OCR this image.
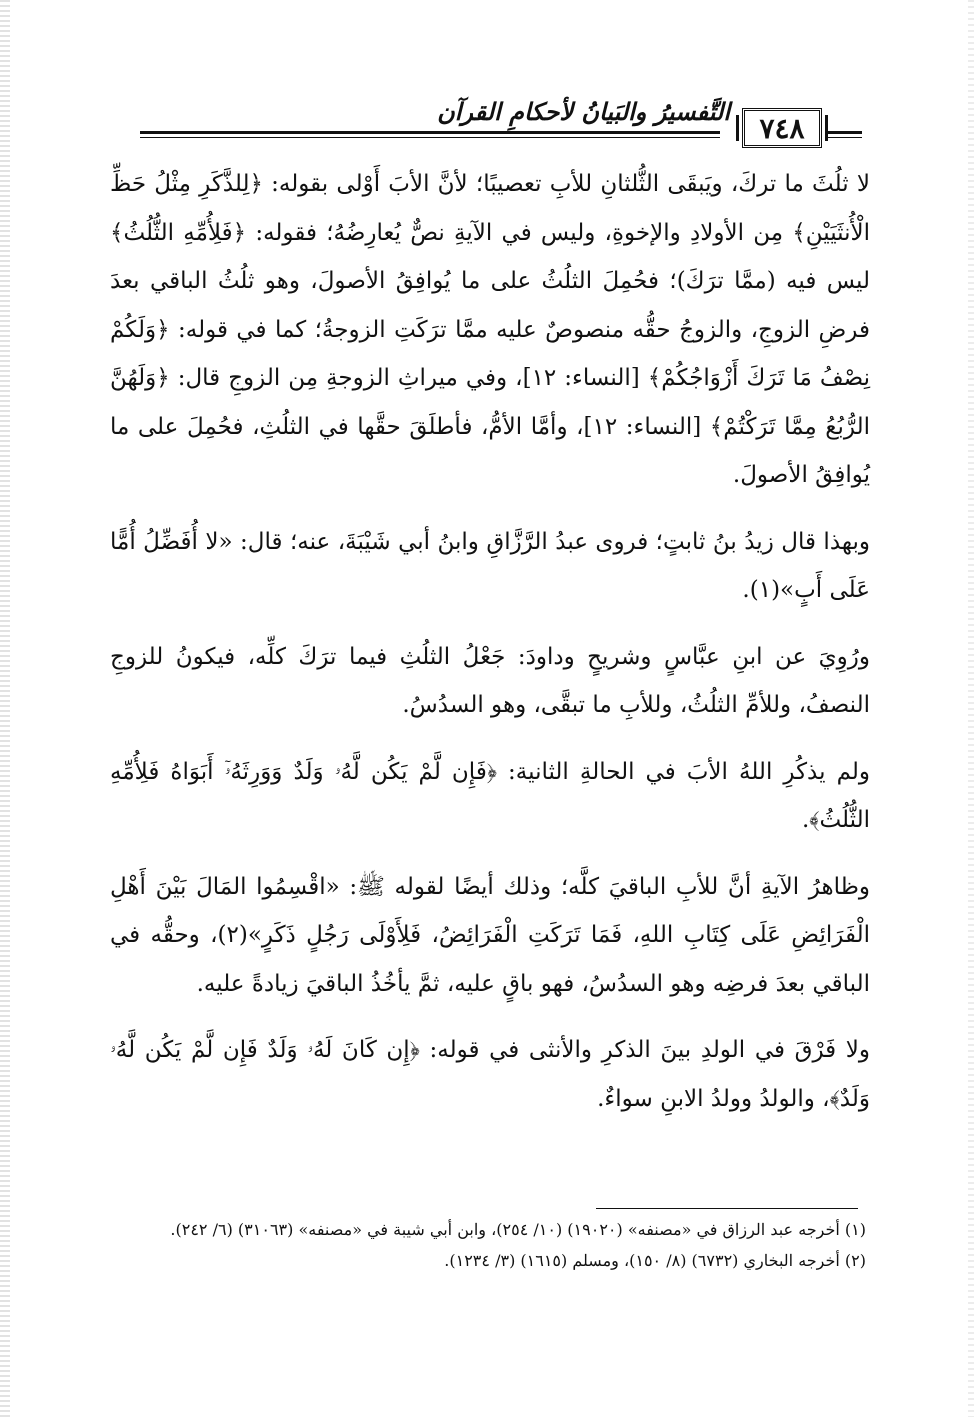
التَّفسيرُ والبَيانُ لأحكامِ القرآن	٧٤٨

لا ثلُثَ ما تركَ، ويَبقَى الثُّلثانِ للأبِ تعصيبًا؛ لأنَّ الأبَ أَوْلى بقوله: ﴿لِلذَّكَرِ مِثْلُ حَظِّ الْأُنثَيَيْنِ﴾ مِن الأولادِ والإخوةِ، وليس في الآيةِ نصٌّ يُعارِضُهُ؛ فقوله: ﴿فَلِأُمِّهِ الثُّلُثُ﴾ ليس فيه (ممَّا ترَكَ)؛ فحُمِلَ الثلُثُ على ما يُوافِقُ الأصولَ، وهو ثلُثُ الباقي بعدَ فرضِ الزوجِ، والزوجُ حقُّه منصوصٌ عليه ممَّا ترَكَتِ الزوجةُ؛ كما في قوله: ﴿وَلَكُمْ نِصْفُ مَا تَرَكَ أَزْوَاجُكُمْ﴾ [النساء: ١٢]، وفي ميراثِ الزوجةِ مِن الزوجِ قال: ﴿وَلَهُنَّ الرُّبُعُ مِمَّا تَرَكْتُمْ﴾ [النساء: ١٢]، وأمَّا الأمُّ، فأطلَقَ حقَّها في الثلُثِ، فحُمِلَ على ما يُوافِقُ الأصولَ.

وبهذا قال زيدُ بنُ ثابتٍ؛ فروى عبدُ الرَّزَّاقِ وابنُ أبي شَيْبَةَ، عنه؛ قال: «لا أُفَضِّلُ أُمًّا عَلَى أَبٍ»(١).

ورُوِيَ عن ابنِ عبَّاسٍ وشريحٍ وداودَ: جَعْلُ الثلُثِ فيما ترَكَ كلِّه، فيكونُ للزوجِ النصفُ، وللأمِّ الثلُثُ، وللأبِ ما تبقَّى، وهو السدُسُ.

ولم يذكُرِ اللهُ الأبَ في الحالةِ الثانية: ﴿فَإِن لَّمْ يَكُن لَّهُۥ وَلَدٌ وَوَرِثَهُۥٓ أَبَوَاهُ فَلِأُمِّهِ الثُّلُثُ﴾.

وظاهرُ الآيةِ أنَّ للأبِ الباقيَ كلَّه؛ وذلك أيضًا لقوله ﷺ: «اقْسِمُوا المَالَ بَيْنَ أَهْلِ الْفَرَائِضِ عَلَى كِتَابِ اللهِ، فَمَا تَرَكَتِ الْفَرَائِضُ، فَلِأَوْلَى رَجُلٍ ذَكَرٍ»(٢)، وحقُّه في الباقي بعدَ فرضِه وهو السدُسُ، فهو باقٍ عليه، ثمَّ يأخُذُ الباقيَ زيادةً عليه.

ولا فَرْقَ في الولدِ بينَ الذكرِ والأنثى في قوله: ﴿إِن كَانَ لَهُۥ وَلَدٌ فَإِن لَّمْ يَكُن لَّهُۥ وَلَدٌ﴾، والولدُ وولدُ الابنِ سواءٌ.

(١) أخرجه عبد الرزاق في «مصنفه» (١٩٠٢٠) (١٠/ ٢٥٤)، وابن أبي شيبة في «مصنفه» (٣١٠٦٣) (٦/ ٢٤٢).

(٢) أخرجه البخاري (٦٧٣٢) (٨/ ١٥٠)، ومسلم (١٦١٥) (٣/ ١٢٣٤).
